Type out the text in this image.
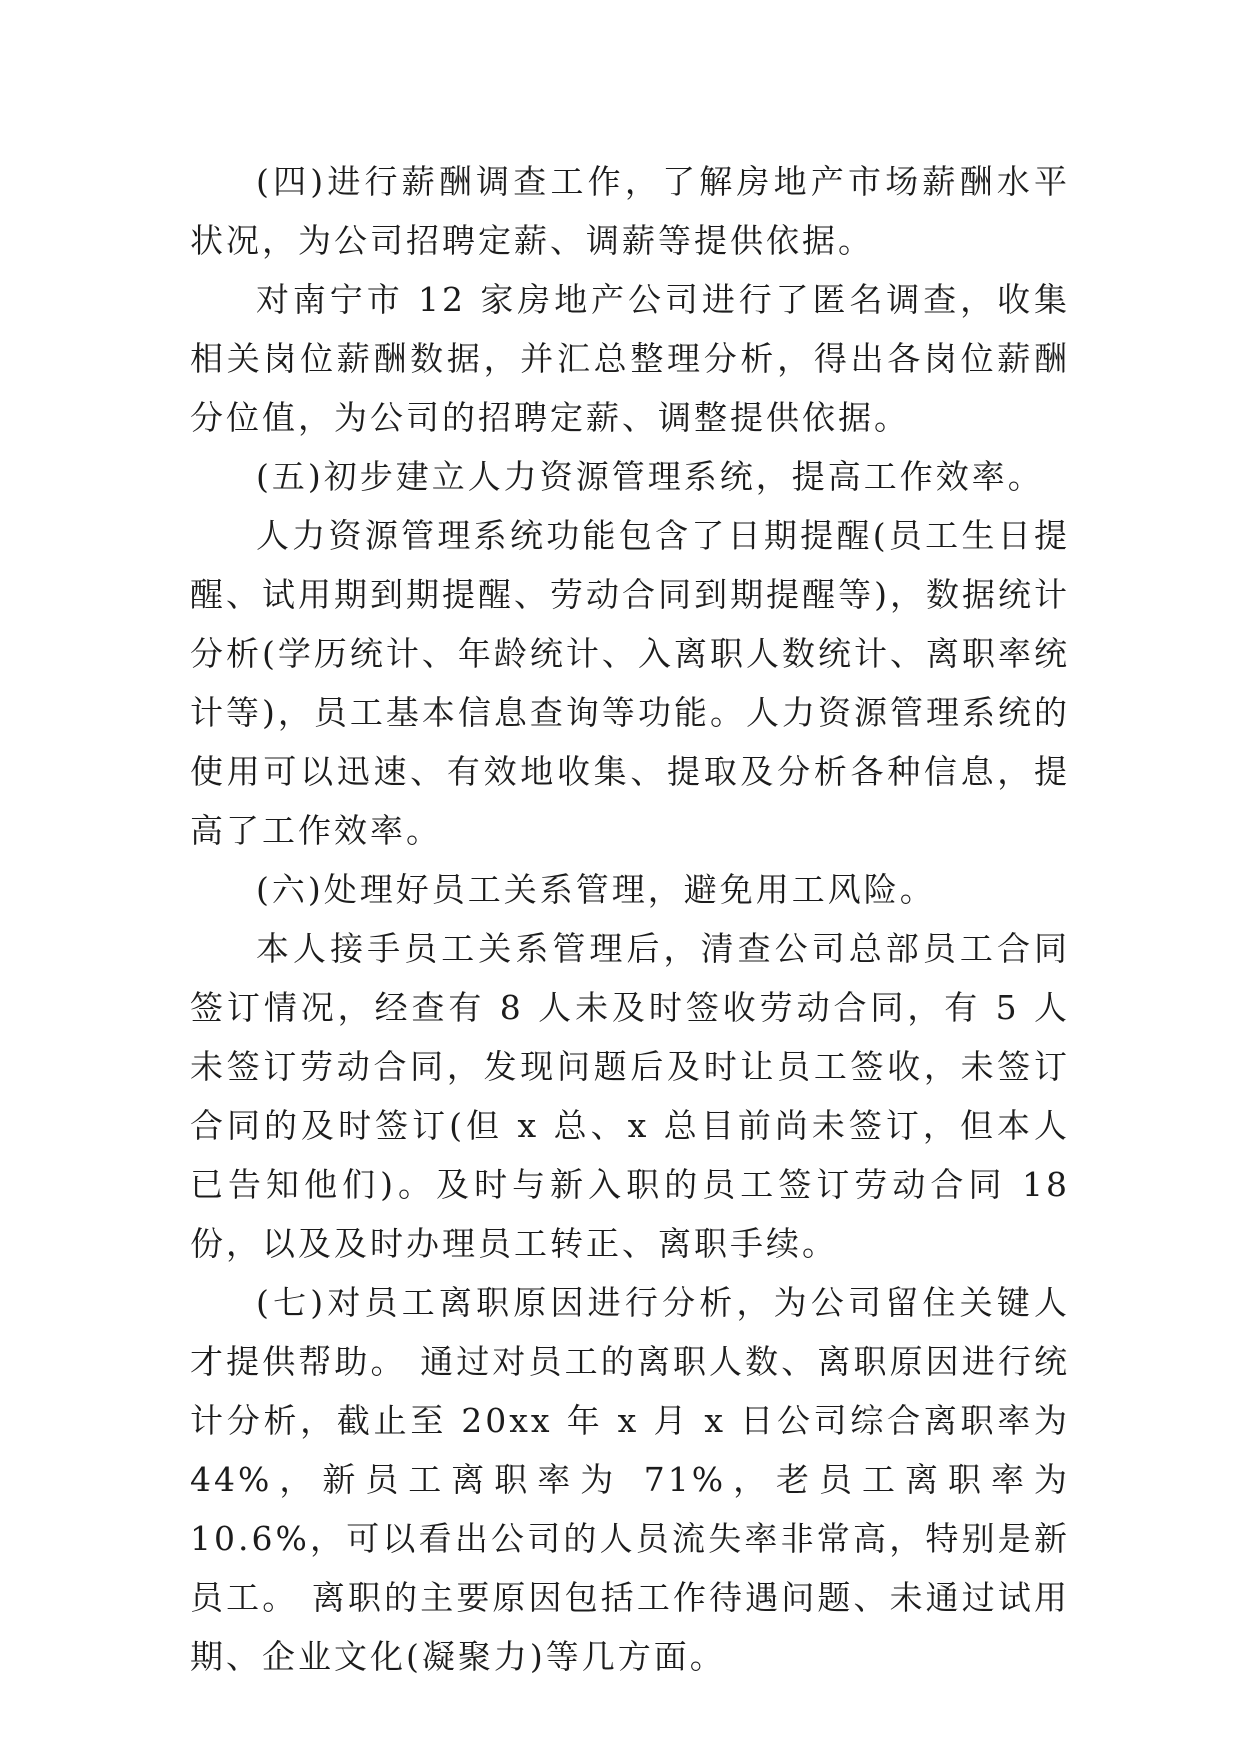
(四)进行薪酬调查工作，了解房地产市场薪酬水平状况，为公司招聘定薪、调薪等提供依据。

对南宁市 12 家房地产公司进行了匿名调查，收集相关岗位薪酬数据，并汇总整理分析，得出各岗位薪酬分位值，为公司的招聘定薪、调整提供依据。

(五)初步建立人力资源管理系统，提高工作效率。

人力资源管理系统功能包含了日期提醒(员工生日提醒、试用期到期提醒、劳动合同到期提醒等)，数据统计分析(学历统计、年龄统计、入离职人数统计、离职率统计等)，员工基本信息查询等功能。人力资源管理系统的使用可以迅速、有效地收集、提取及分析各种信息，提高了工作效率。

(六)处理好员工关系管理，避免用工风险。

本人接手员工关系管理后，清查公司总部员工合同签订情况，经查有 8 人未及时签收劳动合同，有 5 人未签订劳动合同，发现问题后及时让员工签收，未签订合同的及时签订(但 x 总、x 总目前尚未签订，但本人已告知他们)。及时与新入职的员工签订劳动合同 18 份，以及及时办理员工转正、离职手续。

(七)对员工离职原因进行分析，为公司留住关键人才提供帮助。 通过对员工的离职人数、离职原因进行统计分析，截止至 20xx 年 x 月 x 日公司综合离职率为 44%，新员工离职率为 71%，老员工离职率为 10.6%，可以看出公司的人员流失率非常高，特别是新员工。 离职的主要原因包括工作待遇问题、未通过试用期、企业文化(凝聚力)等几方面。
